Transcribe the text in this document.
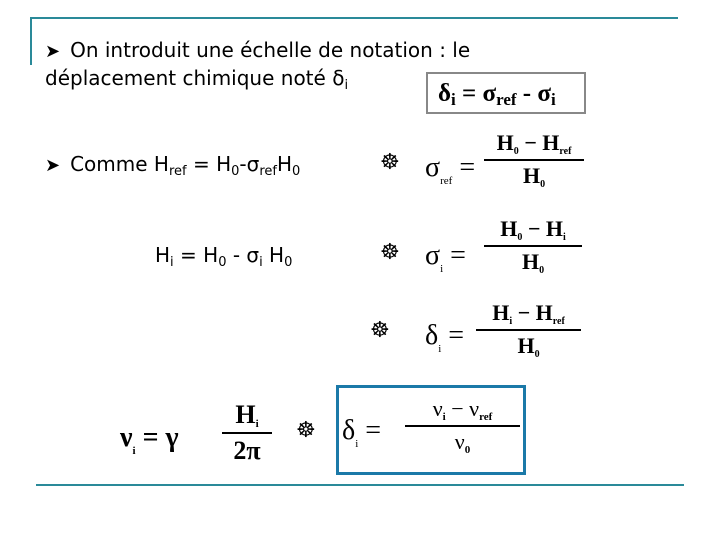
➤ On introduit une échelle de notation : le
déplacement chimique noté $\delta_i$	$\delta_i = \sigma_{ref} - \sigma_i$
➤ Comme $H_{ref} = H_0-\sigma_{ref}H_0$
$H_i = H_0 - \sigma_i$ $H_0$
☸
☸
☸
☸
$\sigma_{ref}$ =
$H_0 - H_{ref}$
$H_0$
$\sigma_i$ =
$H_0 - H_i$
$H_0$
$\delta_i$ =
$H_i - H_{ref}$
$H_0$
$\nu_i = \gamma$
$H_i$
2π
$\delta_i$ =
$\nu_i - \nu_{ref}$
$\nu_0$
